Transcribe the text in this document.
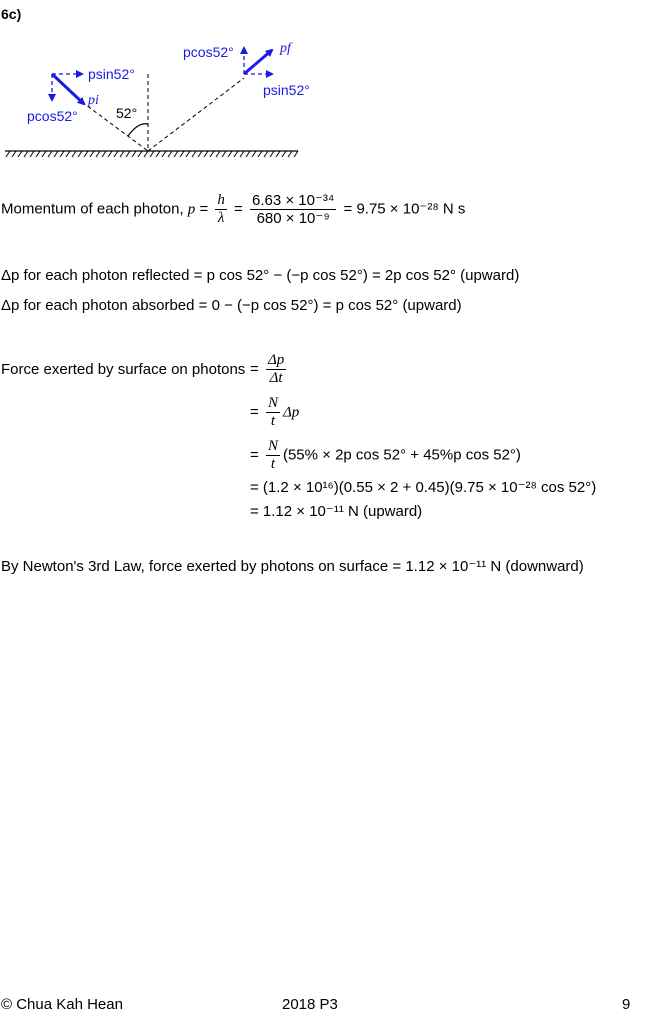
6c)
psin52°
pcos52°
pi
52°
pcos52°	pf
psin52°
Momentum of each photon, $p = \frac{h}{\lambda} = \frac{\text{6.63 × 10⁻³⁴}}{\text{680 × 10⁻⁹}} = 9.75 \times 10^{-28}$ N s
Δp for each photon reflected = p cos 52° − (−p cos 52°) = 2p cos 52° (upward)
Δp for each photon absorbed = 0 − (−p cos 52°) = p cos 52° (upward)
Force exerted by surface on photons = $\frac{\Delta p}{\Delta t}$
= $\frac{N}{t}$ Δp
= $\frac{N}{t} (55\% \times 2p$ cos 52° + 45%p cos 52°)
= (1.2 × 10¹⁶)(0.55 × 2 + 0.45)(9.75 × 10⁻²⁸ cos 52°)
= 1.12 × 10⁻¹¹ N (upward)
By Newton's 3rd Law, force exerted by photons on surface = 1.12 × 10⁻¹¹ N (downward)
© Chua Kah Hean	2018 P3	9
